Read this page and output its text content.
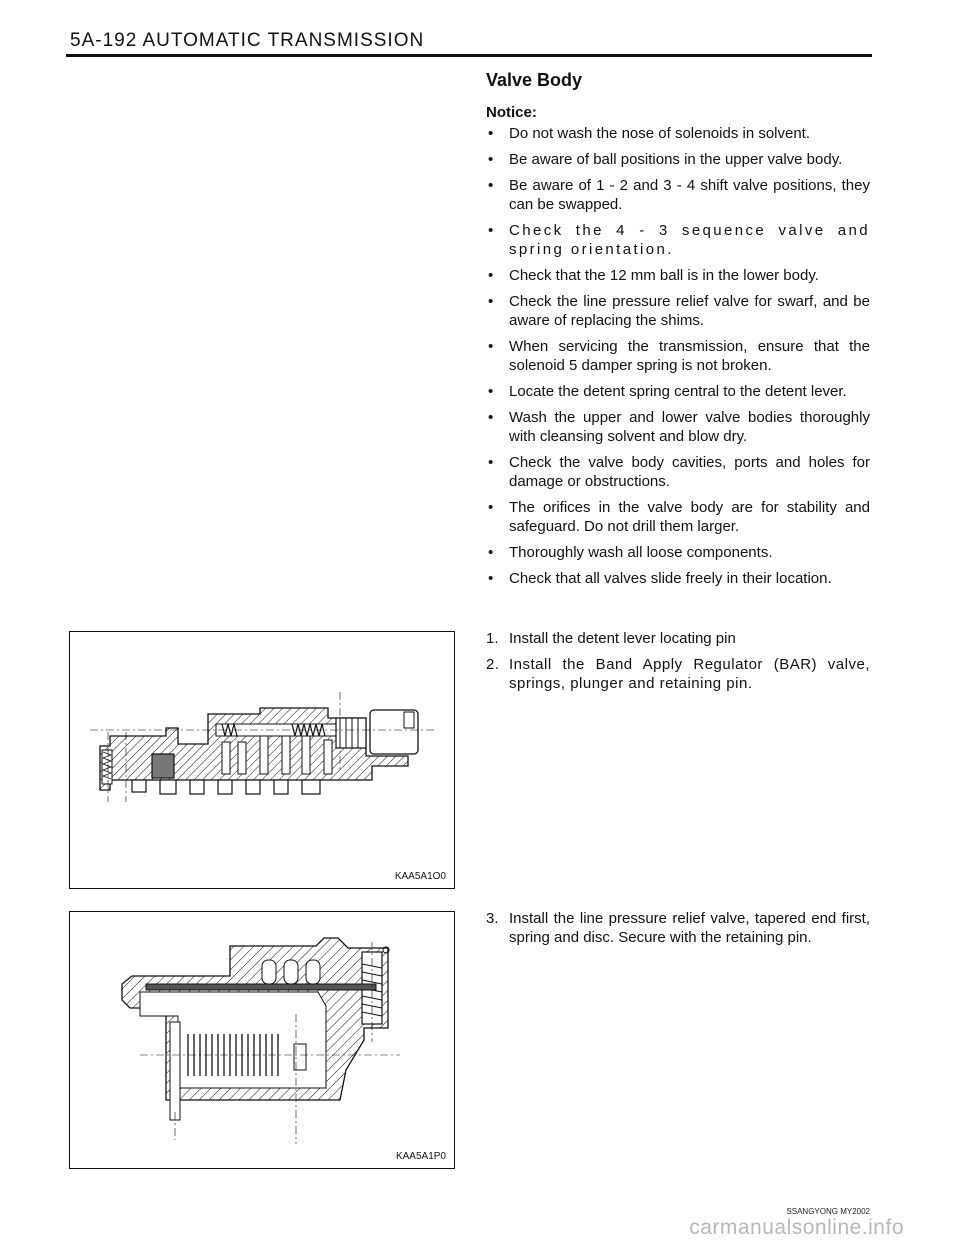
5A-192 AUTOMATIC TRANSMISSION
Valve Body
Notice:
• Do not wash the nose of solenoids in solvent.
• Be aware of ball positions in the upper valve body.
• Be aware of 1 - 2 and 3 - 4 shift valve positions, they can be swapped.
• Check the 4 - 3 sequence valve and spring orientation.
• Check that the 12 mm ball is in the lower body.
• Check the line pressure relief valve for swarf, and be aware of replacing the shims.
• When servicing the transmission, ensure that the solenoid 5 damper spring is not broken.
• Locate the detent spring central to the detent lever.
• Wash the upper and lower valve bodies thoroughly with cleansing solvent and blow dry.
• Check the valve body cavities, ports and holes for damage or obstructions.
• The orifices in the valve body are for stability and safeguard. Do not drill them larger.
• Thoroughly wash all loose components.
• Check that all valves slide freely in their location.
1. Install the detent lever locating pin
2. Install the Band Apply Regulator (BAR) valve, springs, plunger and retaining pin.
3. Install the line pressure relief valve, tapered end first, spring and disc. Secure with the retaining pin.
KAA5A1O0
KAA5A1P0
SSANGYONG MY2002
carmanualsonline.info
